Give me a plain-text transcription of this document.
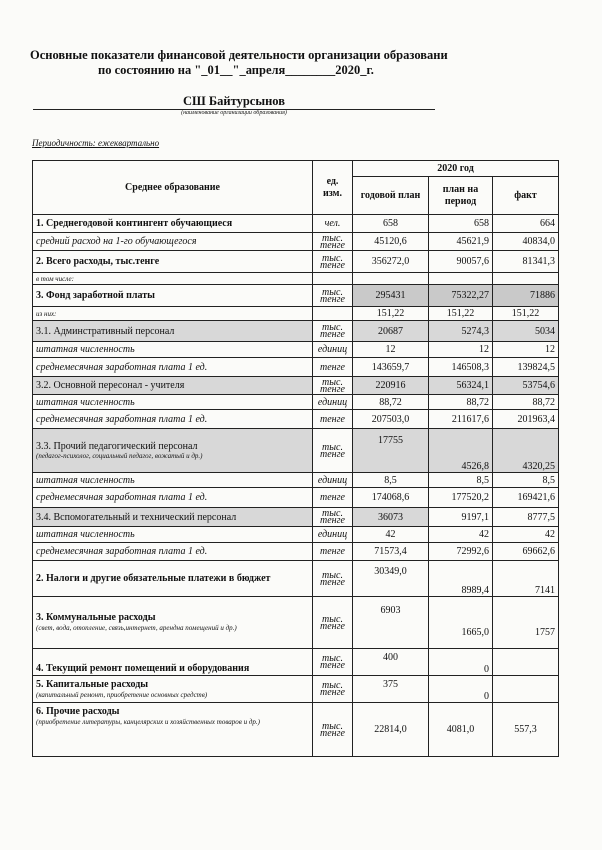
Основные показатели финансовой деятельности организации образовани
по состоянию на "_01__"_апреля________2020_г.
СШ Байтурсынов
(наименование организации образования)
Периодичность: ежеквартально
Среднее образование	ед. изм.	2020 год		
		годовой план	план на период	факт
1. Среднегодовой контингент обучающиеся	чел.	658	658	664
средний расход на 1-го обучающегося	тыс. тенге	45120,6	45621,9	40834,0
2. Всего расходы, тыс.тенге	тыс. тенге	356272,0	90057,6	81341,3
в том числе:				
3. Фонд заработной платы	тыс. тенге	295431	75322,27	71886
из них:		151,22	151,22	151,22
3.1. Админстративный персонал	тыс. тенге	20687	5274,3	5034
штатная численность	единиц	12	12	12
среднемесячная заработная плата 1 ед.	тенге	143659,7	146508,3	139824,5
3.2. Основной пересонал - учителя	тыс. тенге	220916	56324,1	53754,6
штатная численность	единиц	88,72	88,72	88,72
среднемесячная заработная плата 1 ед.	тенге	207503,0	211617,6	201963,4
3.3. Прочий педагогический персонал
(педагог-психолог, социальный педагог, вожатый и др.)	тыс. тенге	17755	4526,8	4320,25
штатная численность	единиц	8,5	8,5	8,5
среднемесячная заработная плата 1 ед.	тенге	174068,6	177520,2	169421,6
3.4. Вспомогательный и технический персонал	тыс. тенге	36073	9197,1	8777,5
штатная численность	единиц	42	42	42
среднемесячная заработная плата 1 ед.	тенге	71573,4	72992,6	69662,6
2. Налоги и другие обязательные платежи в бюджет	тыс. тенге	30349,0	8989,4	7141
3. Коммунальные расходы
(свет, вода, отопление, связь,интернет, арендна помещений и др.)	тыс. тенге	6903	1665,0	1757
4. Текущий ремонт помещений и оборудования	тыс. тенге	400	0	
5. Капитальные расходы
(капитальный ремонт, приобретение основных средств)	тыс. тенге	375	0	
6. Прочие расходы
(приобретение литературы, канцелярских и хозяйственных товаров и др.)	тыс. тенге	22814,0	4081,0	557,3
